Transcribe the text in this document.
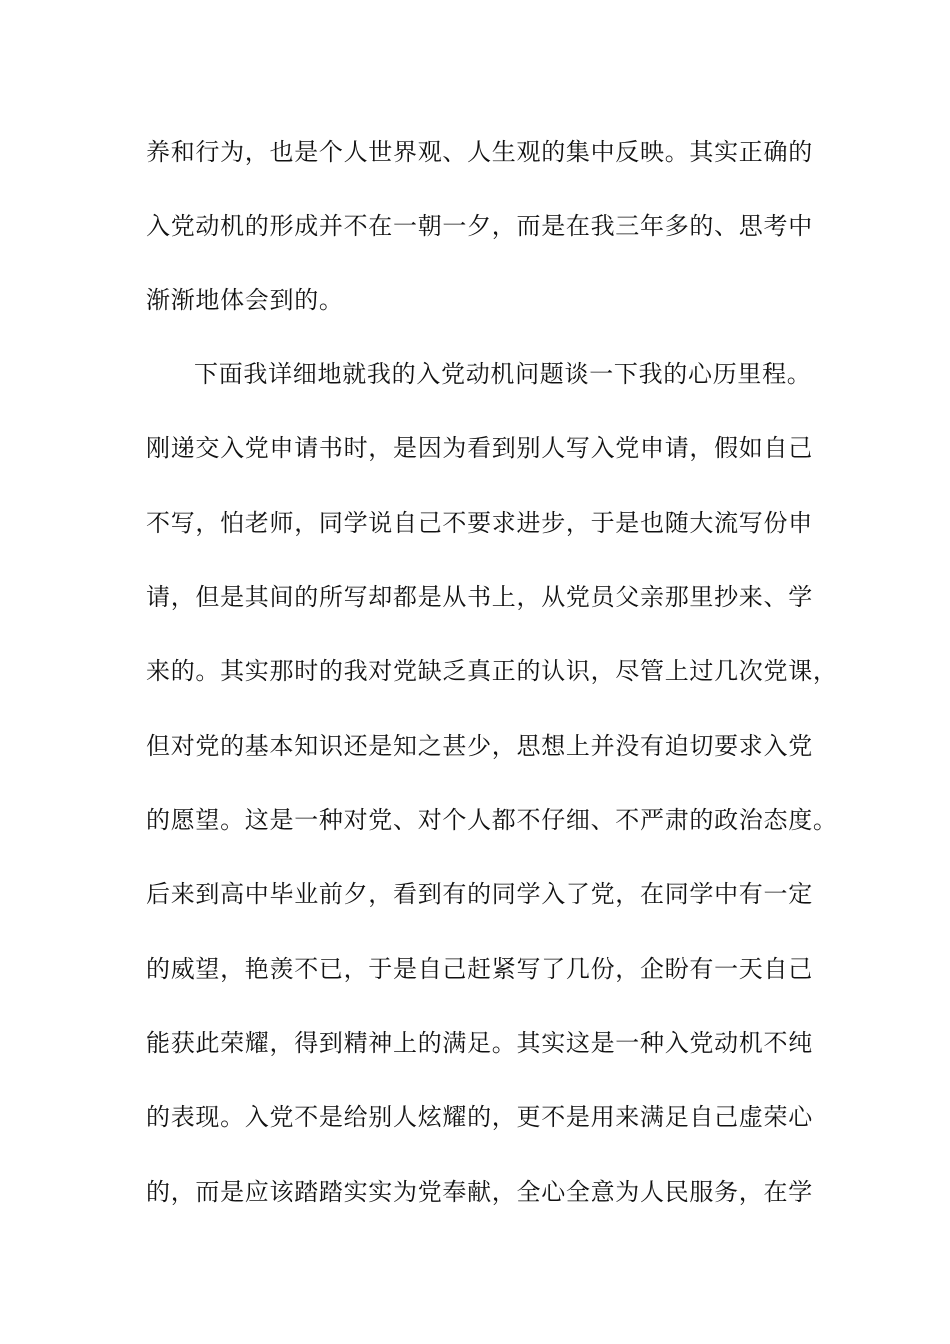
养和行为，也是个人世界观、人生观的集中反映。其实正确的
入党动机的形成并不在一朝一夕，而是在我三年多的、思考中
渐渐地体会到的。
下面我详细地就我的入党动机问题谈一下我的心历里程。
刚递交入党申请书时，是因为看到别人写入党申请，假如自己
不写，怕老师，同学说自己不要求进步，于是也随大流写份申
请，但是其间的所写却都是从书上，从党员父亲那里抄来、学
来的。其实那时的我对党缺乏真正的认识，尽管上过几次党课，
但对党的基本知识还是知之甚少，思想上并没有迫切要求入党
的愿望。这是一种对党、对个人都不仔细、不严肃的政治态度。
后来到高中毕业前夕，看到有的同学入了党，在同学中有一定
的威望，艳羡不已，于是自己赶紧写了几份，企盼有一天自己
能获此荣耀，得到精神上的满足。其实这是一种入党动机不纯
的表现。入党不是给别人炫耀的，更不是用来满足自己虚荣心
的，而是应该踏踏实实为党奉献，全心全意为人民服务，在学
